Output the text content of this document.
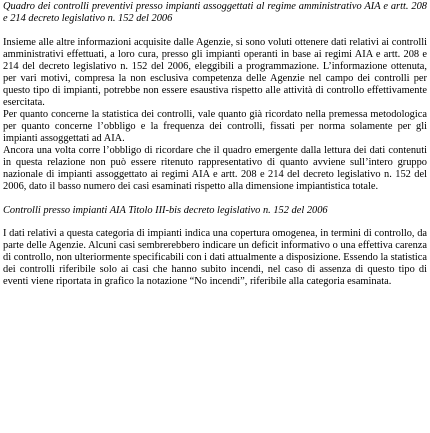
Quadro dei controlli preventivi presso impianti assoggettati al regime amministrativo AIA e artt. 208 e 214 decreto legislativo n. 152 del 2006

Insieme alle altre informazioni acquisite dalle Agenzie, si sono voluti ottenere dati relativi ai controlli amministrativi effettuati, a loro cura, presso gli impianti operanti in base ai regimi AIA e artt. 208 e 214 del decreto legislativo n. 152 del 2006, eleggibili a programmazione. L’informazione ottenuta, per vari motivi, compresa la non esclusiva competenza delle Agenzie nel campo dei controlli per questo tipo di impianti, potrebbe non essere esaustiva rispetto alle attività di controllo effettivamente esercitata.

Per quanto concerne la statistica dei controlli, vale quanto già ricordato nella premessa metodologica per quanto concerne l’obbligo e la frequenza dei controlli, fissati per norma solamente per gli impianti assoggettati ad AIA.

Ancora una volta corre l’obbligo di ricordare che il quadro emergente dalla lettura dei dati contenuti in questa relazione non può essere ritenuto rappresentativo di quanto avviene sull’intero gruppo nazionale di impianti assoggettato ai regimi AIA e artt. 208 e 214 del decreto legislativo n. 152 del 2006, dato il basso numero dei casi esaminati rispetto alla dimensione impiantistica totale.

Controlli presso impianti AIA Titolo III-bis decreto legislativo n. 152 del 2006

I dati relativi a questa categoria di impianti indica una copertura omogenea, in termini di controllo, da parte delle Agenzie. Alcuni casi sembrerebbero indicare un deficit informativo o una effettiva carenza di controllo, non ulteriormente specificabili con i dati attualmente a disposizione. Essendo la statistica dei controlli riferibile solo ai casi che hanno subito incendi, nel caso di assenza di questo tipo di eventi viene riportata in grafico la notazione “No incendi”, riferibile alla categoria esaminata.
